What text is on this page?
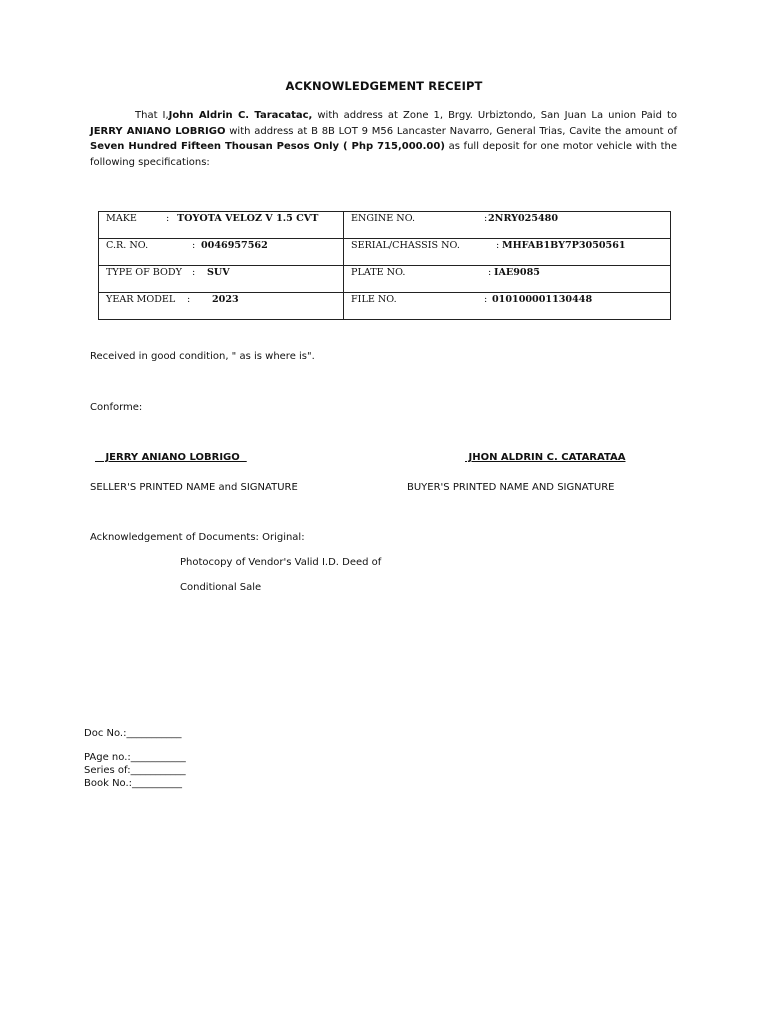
ACKNOWLEDGEMENT RECEIPT
That I,John Aldrin C. Taracatac, with address at Zone 1, Brgy. Urbiztondo, San Juan La union Paid to JERRY ANIANO LOBRIGO with address at B 8B LOT 9 M56 Lancaster Navarro, General Trias, Cavite the amount of Seven Hundred Fifteen Thousan Pesos Only ( Php 715,000.00) as full deposit for one motor vehicle with the following specifications:
MAKE : TOYOTA VELOZ V 1.5 CVT	ENGINE NO. 2NRY025480
:

C.R. NO. : 0046957562	SERIAL/CHASSIS NO. : MHFAB1BY7P3050561

TYPE OF BODY : SUV	PLATE NO. : IAE9085

YEAR MODEL : 2023	FILE NO. : 010100001130448
Received in good condition, " as is where is".
Conforme:
JERRY ANIANO LOBRIGO	JHON ALDRIN C. CATARATAA
SELLER'S PRINTED NAME and SIGNATURE	BUYER'S PRINTED NAME AND SIGNATURE
Acknowledgement of Documents: Original:
Photocopy of Vendor's Valid I.D. Deed of
Conditional Sale
Doc No.:___________
PAge no.:___________
Series of:___________
Book No.:__________
